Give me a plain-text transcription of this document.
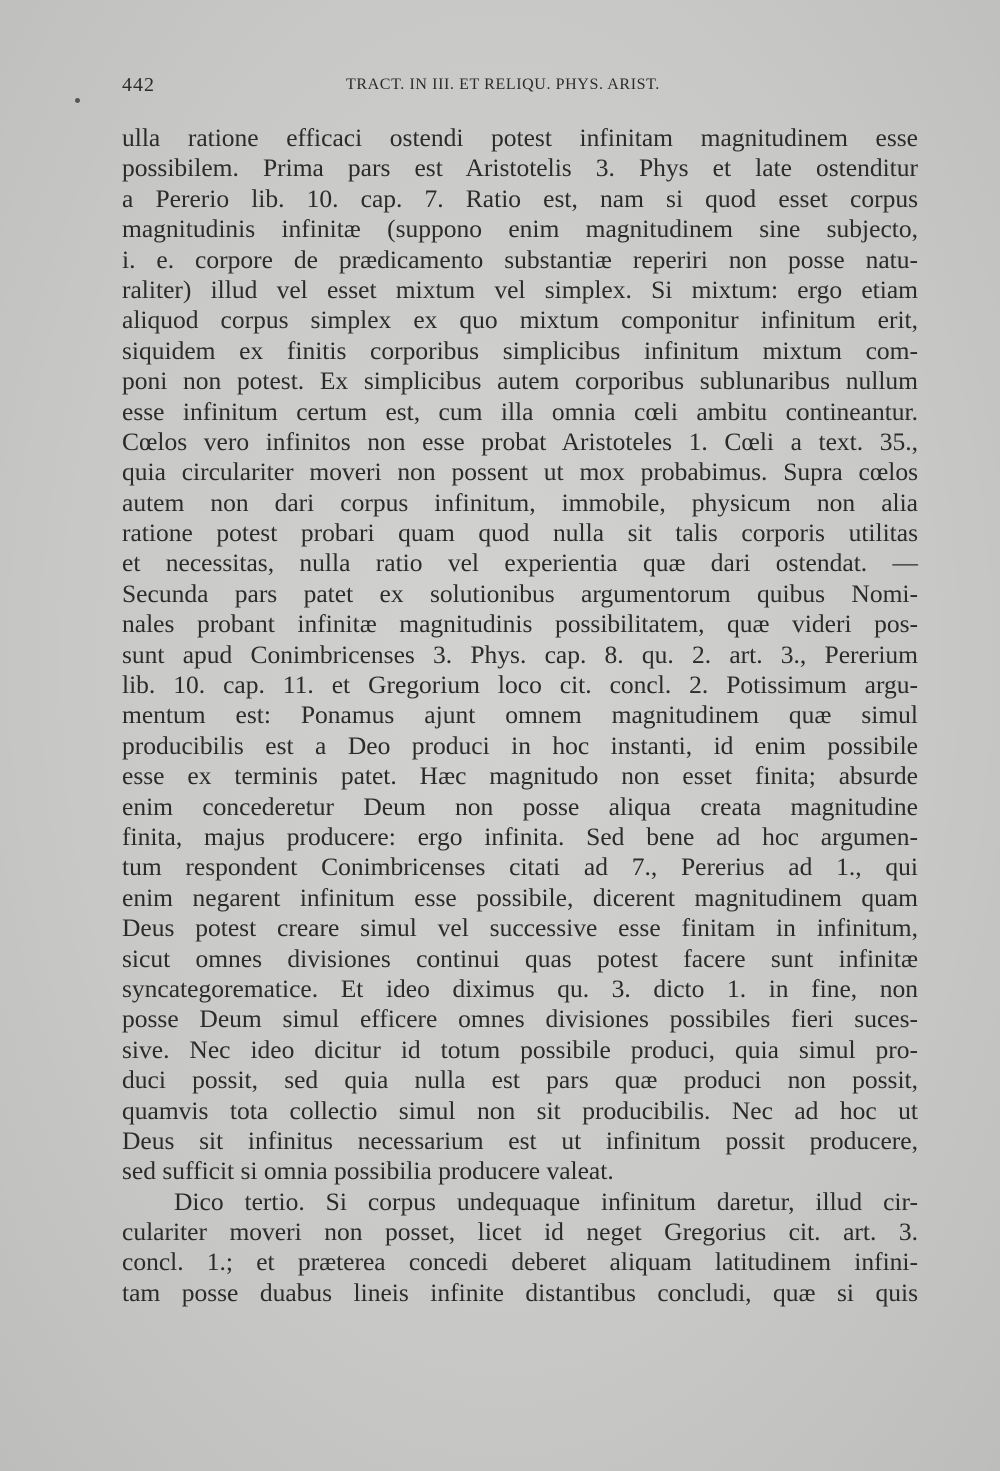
442	TRACT. IN III. ET RELIQU. PHYS. ARIST.
ulla ratione efficaci ostendi potest infinitam magnitudinem esse
possibilem. Prima pars est Aristotelis 3. Phys et late ostenditur
a Pererio lib. 10. cap. 7. Ratio est, nam si quod esset corpus
magnitudinis infinitæ (suppono enim magnitudinem sine subjecto,
i. e. corpore de prædicamento substantiæ reperiri non posse natu-
raliter) illud vel esset mixtum vel simplex. Si mixtum: ergo etiam
aliquod corpus simplex ex quo mixtum componitur infinitum erit,
siquidem ex finitis corporibus simplicibus infinitum mixtum com-
poni non potest. Ex simplicibus autem corporibus sublunaribus nullum
esse infinitum certum est, cum illa omnia cœli ambitu contineantur.
Cœlos vero infinitos non esse probat Aristoteles 1. Cœli a text. 35.,
quia circulariter moveri non possent ut mox probabimus. Supra cœlos
autem non dari corpus infinitum, immobile, physicum non alia
ratione potest probari quam quod nulla sit talis corporis utilitas
et necessitas, nulla ratio vel experientia quæ dari ostendat. —
Secunda pars patet ex solutionibus argumentorum quibus Nomi-
nales probant infinitæ magnitudinis possibilitatem, quæ videri pos-
sunt apud Conimbricenses 3. Phys. cap. 8. qu. 2. art. 3., Pererium
lib. 10. cap. 11. et Gregorium loco cit. concl. 2. Potissimum argu-
mentum est: Ponamus ajunt omnem magnitudinem quæ simul
producibilis est a Deo produci in hoc instanti, id enim possibile
esse ex terminis patet. Hæc magnitudo non esset finita; absurde
enim concederetur Deum non posse aliqua creata magnitudine
finita, majus producere: ergo infinita. Sed bene ad hoc argumen-
tum respondent Conimbricenses citati ad 7., Pererius ad 1., qui
enim negarent infinitum esse possibile, dicerent magnitudinem quam
Deus potest creare simul vel successive esse finitam in infinitum,
sicut omnes divisiones continui quas potest facere sunt infinitæ
syncategorematice. Et ideo diximus qu. 3. dicto 1. in fine, non
posse Deum simul efficere omnes divisiones possibiles fieri suces-
sive. Nec ideo dicitur id totum possibile produci, quia simul pro-
duci possit, sed quia nulla est pars quæ produci non possit,
quamvis tota collectio simul non sit producibilis. Nec ad hoc ut
Deus sit infinitus necessarium est ut infinitum possit producere,
sed sufficit si omnia possibilia producere valeat.
Dico tertio. Si corpus undequaque infinitum daretur, illud cir-
culariter moveri non posset, licet id neget Gregorius cit. art. 3.
concl. 1.; et præterea concedi deberet aliquam latitudinem infini-
tam posse duabus lineis infinite distantibus concludi, quæ si quis
